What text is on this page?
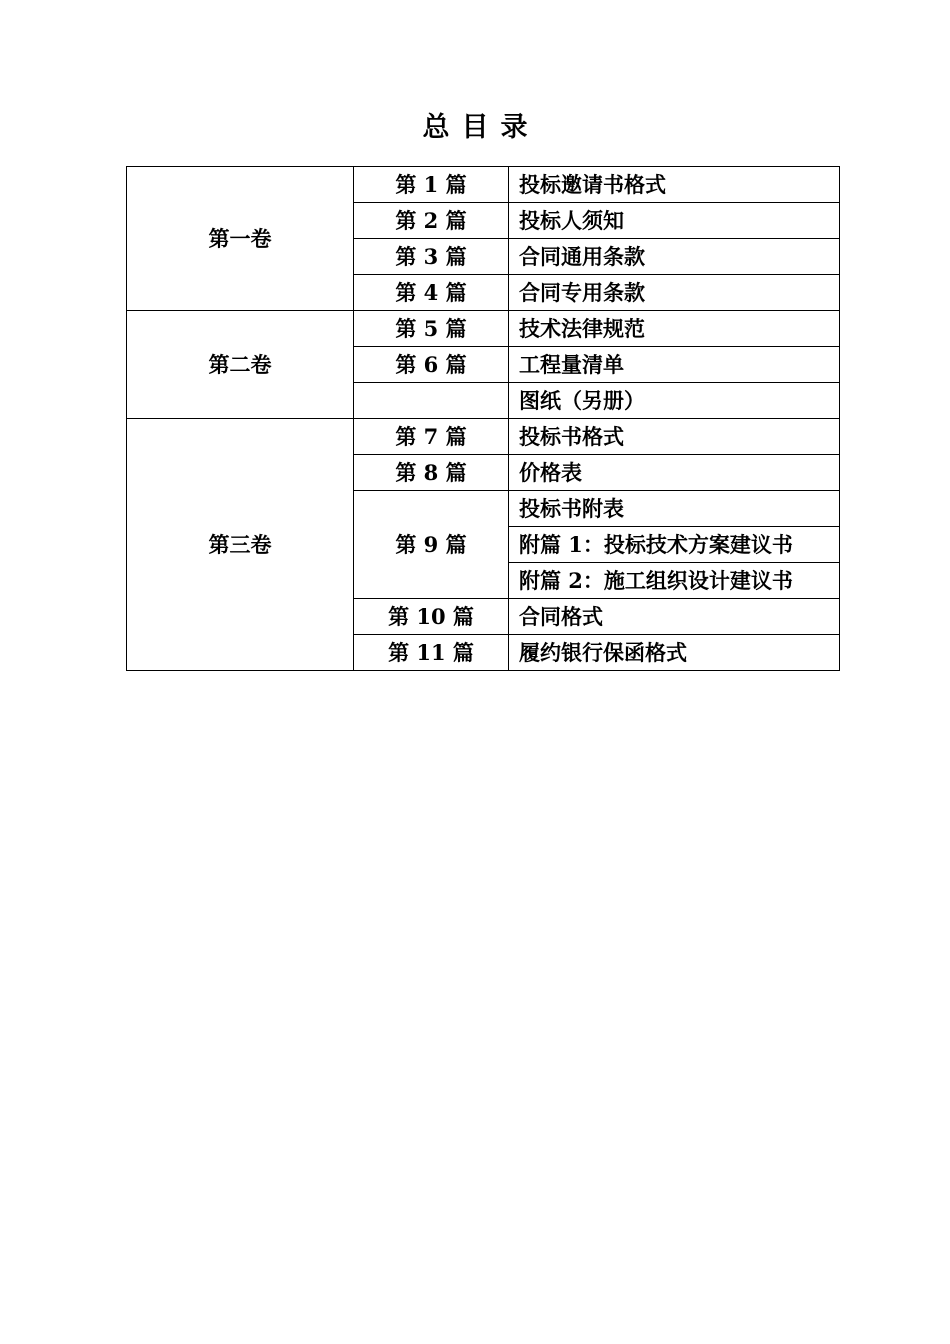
总目录
第一卷	第 1 篇	投标邀请书格式
	第 2 篇	投标人须知
	第 3 篇	合同通用条款
	第 4 篇	合同专用条款
第二卷	第 5 篇	技术法律规范
	第 6 篇	工程量清单
		图纸（另册）
第三卷	第 7 篇	投标书格式
	第 8 篇	价格表
	第 9 篇	投标书附表
		附篇 1：投标技术方案建议书
		附篇 2：施工组织设计建议书
	第 10 篇	合同格式
	第 11 篇	履约银行保函格式
